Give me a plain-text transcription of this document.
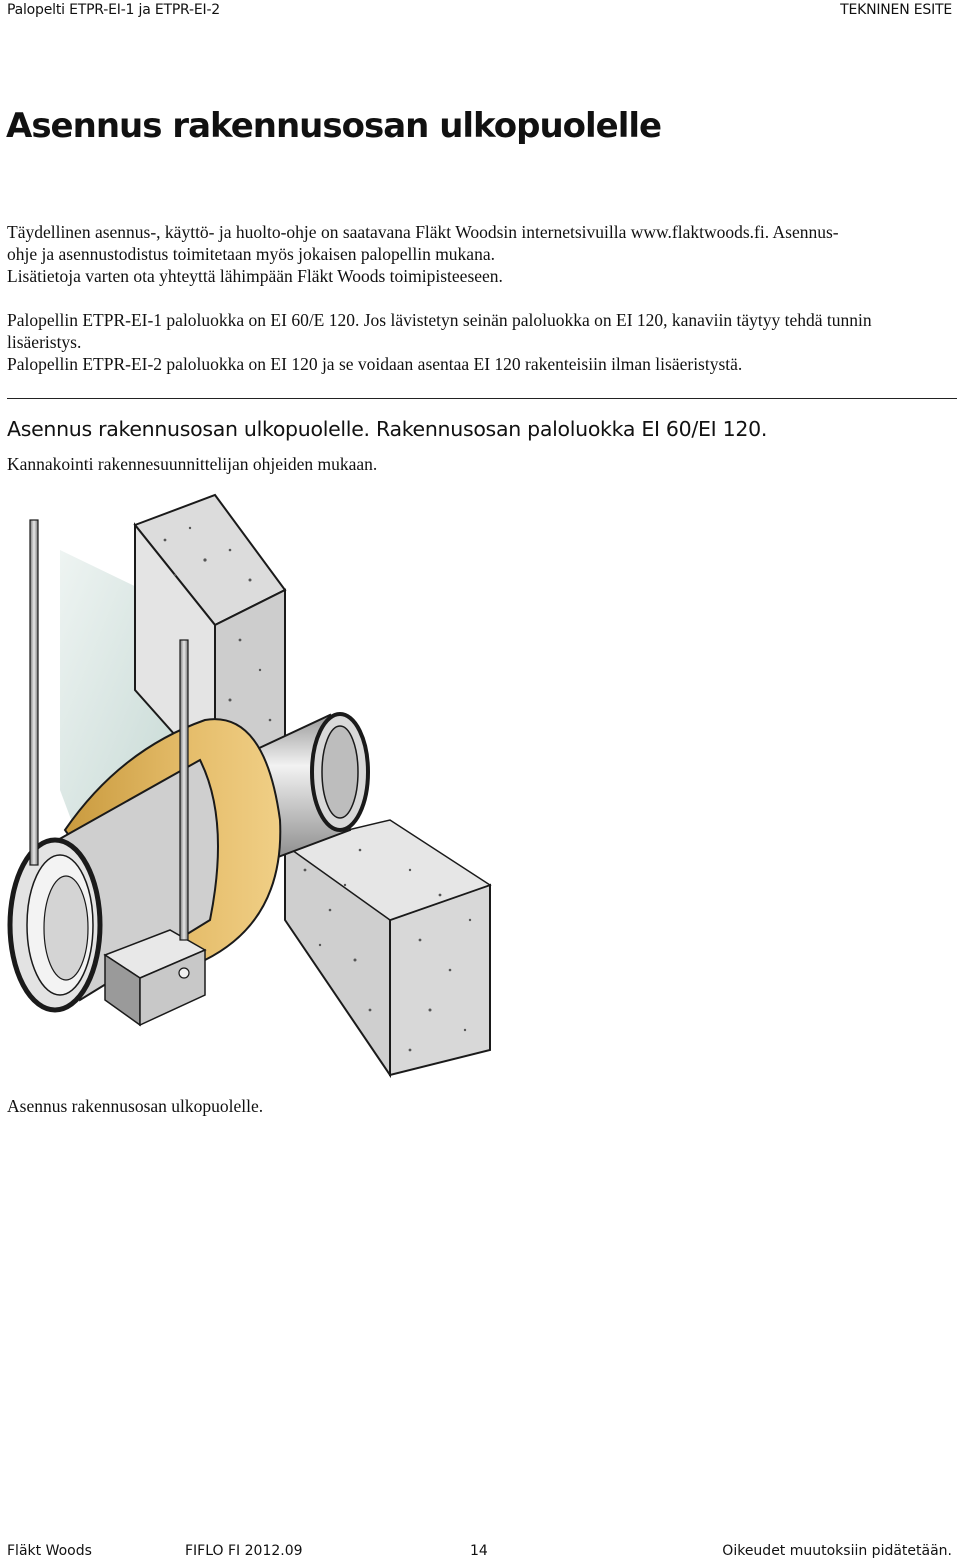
Palopelti ETPR-EI-1 ja ETPR-EI-2	TEKNINEN ESITE
Asennus rakennusosan ulkopuolelle

Täydellinen asennus-, käyttö- ja huolto-ohje on saatavana Fläkt Woodsin internetsivuilla www.flaktwoods.fi. Asennus-
ohje ja asennustodistus toimitetaan myös jokaisen palopellin mukana.
Lisätietoja varten ota yhteyttä lähimpään Fläkt Woods toimipisteeseen.

Palopellin ETPR-EI-1 paloluokka on EI 60/E 120. Jos lävistetyn seinän paloluokka on EI 120, kanaviin täytyy tehdä tunnin
lisäeristys.
Palopellin ETPR-EI-2 paloluokka on EI 120 ja se voidaan asentaa EI 120 rakenteisiin ilman lisäeristystä.

Asennus rakennusosan ulkopuolelle. Rakennusosan paloluokka EI 60/EI 120.

Kannakointi rakennesuunnittelijan ohjeiden mukaan.

Asennus rakennusosan ulkopuolelle.

Fläkt Woods	FIFLO FI 2012.09	14	Oikeudet muutoksiin pidätetään.
